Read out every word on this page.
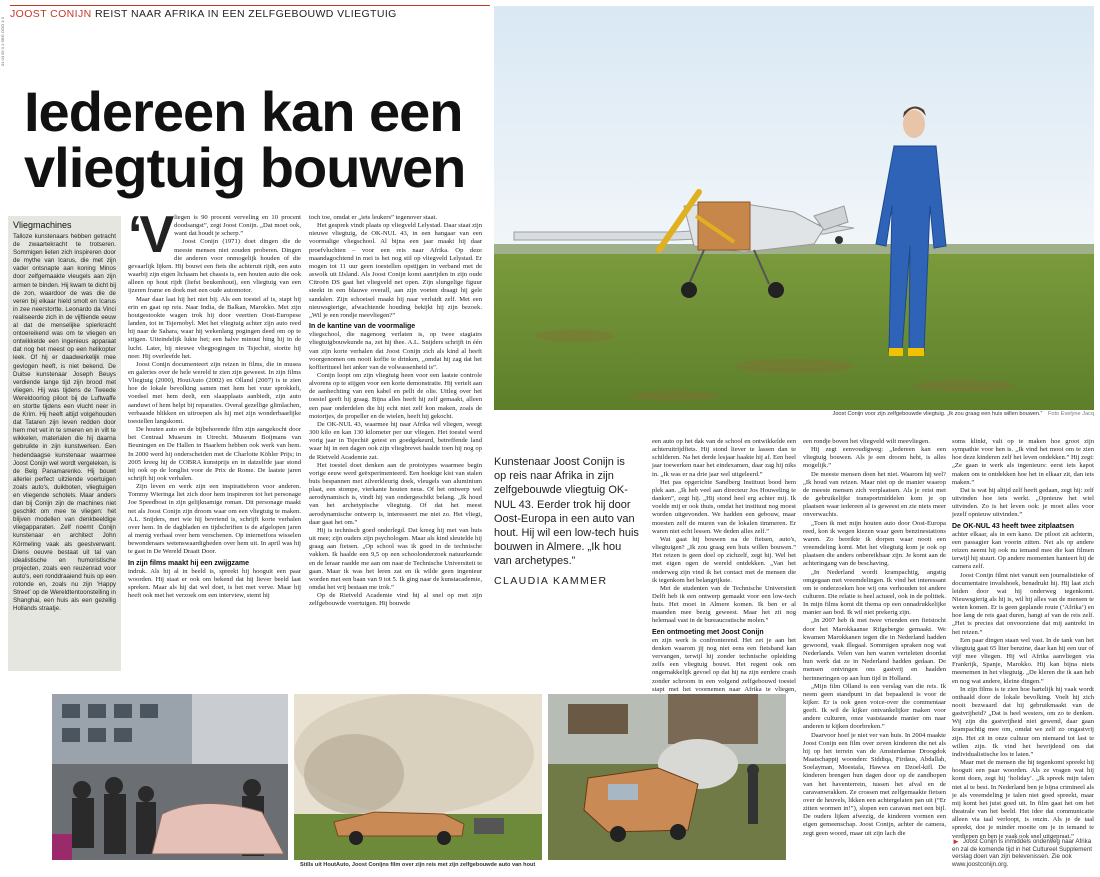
01 04 05 0 1 SBG OOO 4 0
JOOST CONIJN REIST NAAR AFRIKA IN EEN ZELFGEBOUWD VLIEGTUIG
Iedereen kan een
vliegtuig bouwen
Vliegmachines
Talloze kunstenaars hebben getracht de zwaartekracht te trotseren. Sommigen lieten zich inspireren door de mythe van Icarus, die met zijn vader ontsnapte aan koning Minos door zelfgemaakte vleugels aan zijn armen te binden. Hij kwam te dicht bij de zon, waardoor de was die de veren bij elkaar hield smolt en Icarus in zee neerstortte. Leonardo da Vinci realiseerde zich in de vijftiende eeuw al dat de menselijke spierkracht ontoereikend was om te vliegen en ontwikkelde een ingenieus apparaat dat nog het meest op een helikopter leek. Of hij er daadwerkelijk mee gevlogen heeft, is niet bekend. De Duitse kunstenaar Joseph Beuys verdiende lange tijd zijn brood met vliegen. Hij was tijdens de Tweede Wereldoorlog piloot bij de Luftwaffe en stortte tijdens een vlucht neer in de Krim. Hij heeft altijd volgehouden dat Tataren zijn leven redden door hem met vet in te smeren en in vilt te wikkelen, materialen die hij daarna gebruikte in zijn kunstwerken. Een hedendaagse kunstenaar waarmee Joost Conijn wel wordt vergeleken, is de Belg Panamarenko. Hij bouwt allerlei perfect uitziende voertuigen zoals auto's, duikboten, vliegtuigen en vliegende schotels. Maar anders dan bij Conijn zijn de machines niet geschikt om mee te vliegen: het blijven modellen van denkbeeldige vliegapparaten. Zelf noemt Conijn kunstenaar en architect John Körmeling vaak als geestverwant. Diens oeuvre bestaat uit tal van idealistische en humoristische projecten, zoals een reuzenrad voor auto's, een ronddraaiend huis op een rotonde en, zoals nu zijn 'Happy Street' op de Wereldtentoonstelling in Shanghai, een huis als een gezellig Hollands straatje.
‘V liegen is 90 procent verveling en 10 procent doodsangst”, zegt Joost Conijn. „Dat moet ook, want dat houdt je scherp.”

Joost Conijn (1971) doet dingen die de meeste mensen niet zouden proberen. Dingen die anderen voor onmogelijk houden of die gevaarlijk lijken. Hij bouwt een fiets die achteruit rijdt, een auto waarbij zijn eigen lichaam het chassis is, een houten auto die ook alleen op hout rijdt (liefst beukenhout), een vliegtuig van een ijzeren frame en doek met een oude automotor.

Maar daar laat hij het niet bij. Als een toestel af is, stapt hij erin en gaat op reis. Naar India, de Balkan, Marokko. Met zijn houtgestookte wagen trok hij door veertien Oost-Europese landen, tot in Tsjernobyl. Met het vliegtuig achter zijn auto reed hij naar de Sahara, waar hij wekenlang pogingen deed om op te stijgen. Uiteindelijk lukte het; een halve minuut hing hij in de lucht. Later, bij nieuwe vliegpogingen in Tsjechië, stortte hij neer. Hij overleefde het.

Joost Conijn documenteert zijn reizen in films, die in musea en galeries over de hele wereld te zien zijn geweest. In zijn films Vliegtuig (2000), HoutAuto (2002) en Olland (2007) is te zien hoe de lokale bevolking samen met hem het vuur sprokkelt, voedsel met hem deelt, een slaapplaats aanbiedt, zijn auto aanduwt of hem helpt bij reparaties. Overal gezellige glimlachen, verbaasde blikken en uitroepen als hij met zijn wonderbaarlijke toestellen langskomt.

De houten auto en de bijbehorende film zijn aangekocht door het Centraal Museum in Utrecht. Museum Boijmans van Beuningen en De Hallen in Haarlem hebben ook werk van hem. In 2000 werd hij onderscheiden met de Charlotte Köhler Prijs; in 2005 kreeg hij de COBRA kunstprijs en in datzelfde jaar stond hij ook op de longlist voor de Prix de Rome. De laatste jaren schrijft hij ook verhalen.

Zijn leven en werk zijn een inspiratiebron voor anderen. Tommy Wieringa liet zich door hem inspireren tot het personage Joe Speedboat in zijn gelijknamige roman. Dit personage maakt net als Joost Conijn zijn droom waar om een vliegtuig te maken. A.L. Snijders, met wie hij bevriend is, schrijft korte verhalen over hem. In de dagbladen en tijdschriften is de afgelopen jaren al menig verhaal over hem verschenen. Op internetfora wisselen bewonderaars wetenswaardigheden over hem uit. In april was hij te gast in De Wereld Draait Door.

In zijn films maakt hij een zwijgzame

indruk. Als hij al in beeld is, spreekt hij hooguit een paar woorden. Hij staat er ook om bekend dat hij liever beeld laat spreken. Maar als hij dat wel doet, is het met verve. Maar hij heeft ook met het verzoek om een interview, stemt hij

toch toe, omdat er „iets leukers” tegenover staat.

Het gesprek vindt plaats op vliegveld Lelystad. Daar staat zijn nieuwe vliegtuig, de OK-NUL 43, in een hangaar van een voormalige vliegschool. Al bijna een jaar maakt hij daar proefvluchten – voor een reis naar Afrika. Op deze maandagochtend in mei is het nog stil op vliegveld Lelystad. Er mogen tot 11 uur geen toestellen opstijgen in verband met de aswolk uit IJsland. Als Joost Conijn komt aanrijden in zijn oude Citroën DS gaat het vliegveld net open. Zijn slungelige figuur steekt in een blauwe overall, aan zijn voeten draagt hij gele sandalen. Zijn schoeisel maakt hij naar verluidt zelf. Met een nieuwsgierige, afwachtende houding bekijkt hij zijn bezoek. „Wil je een rondje meevliegen?”

In de kantine van de voormalige

vliegschool, die nagenoeg verlaten is, op twee stagiairs vliegtuigbouwkunde na, zet hij thee. A.L. Snijders schrijft in één van zijn korte verhalen dat Joost Conijn zich als kind al heeft voorgenomen om nooit koffie te drinken, „omdat hij zag dat het koffieritueel het anker van de volwassenheid is”.

Conijn loopt om zijn vliegtuig heen voor een laatste controle alvorens op te stijgen voor een korte demonstratie. Hij vertelt aan de aanhechting van een kabel en pellt de olie. Uitleg over het toestel geeft hij graag. Bijna alles heeft hij zelf gemaakt, alleen een paar onderdelen die hij echt niet zelf kon maken, zoals de motortjes, de propeller en de wielen, heeft hij gekocht.

De OK-NUL 43, waarmee hij naar Afrika wil vliegen, weegt 300 kilo en kan 130 kilometer per uur vliegen. Het toestel werd vorig jaar in Tsjechië getest en goedgekeurd, betreffende land waar hij in een dagen ook zijn vliegbrevet haalde toen hij nog op de Rietveld Academie zat.

Het toestel doet denken aan de prototypes waarmee begin vorige eeuw werd geëxperimenteerd. Een hoekige kist van stalen buis bespannen met zilverkleurig doek, vleugels van aluminium plaat, een stompe, vierkante houten neus. Of het ontwerp wel aerodynamisch is, vindt hij van ondergeschikt belang. „Ik houd van het archetypische vliegtuig. Of dat het meest aerodynamische ontwerp is, interesseert me niet zo. Het vliegt, daar gaat het om.”

Hij is technisch goed onderlegd. Dat kreeg hij met van huis uit mee; zijn ouders zijn psychologen. Maar als kind sleutelde hij graag aan fietsen. „Op school was ik goed in de technische vakken. Ik haalde een 9,5 op een schoolonderzoek natuurkunde en de leraar raadde me aan om naar de Technische Universiteit te gaan. Maar ik was het leren zat en ik wilde geen ingenieur worden met een baan van 9 tot 5. Ik ging naar de kunstacademie, omdat het vrij bestaan me trok.”

Op de Rietveld Academie vind hij al snel op met zijn zelfgebouwde voertuigen. Hij bouwde

Joost Conijn voor zijn zelfgebouwde vliegtuig. „Ik zou graag een huis willen bouwen.” Foto Evelyne Jacq
Kunstenaar Joost Conijn is op reis naar Afrika in zijn zelfgebouwde vliegtuig OK-NUL 43. Eerder trok hij door Oost-Europa in een auto van hout. Hij wil een low-tech huis bouwen in Almere. „Ik hou van archetypes.”
CLAUDIA KAMMER

een auto op het dak van de school en ontwikkelde een achteruitrijdfiets. Hij stond liever te lassen dan te schilderen. Na het derde lesjaar haakte hij af. Een heel jaar toewerken naar het eindexamen, daar zag hij niks in. „Ik was er na drie jaar wel uitgeleerd.”

Het pas opgerichte Sandberg Instituut bood hem plek aan. „Ik heb veel aan directeur Jos Houweling te danken”, zegt hij. „Hij stond heel erg achter mij. Ik voelde mij er ook thuis, omdat het instituut nog moest worden uitgevonden. We hadden een gebouw, maar moesten zelf de muren van de lokalen timmeren. Er waren niet echt lessen. We deden alles zelf.”

Wat gaat hij bouwen na de fietsen, auto's, vliegtuigen? „Ik zou graag een huis willen bouwen.” Het reizen is geen doel op zichzelf, zegt hij. Wel het met eigen ogen de wereld ontdekken. „Van het onderweg zijn vind ik het contact met de mensen die ik tegenkom het belangrijkste.

Met de studenten van de Technische Universiteit Delft heb ik een ontwerp gemaakt voor een low-tech huis. Het moet in Almere komen. Ik ben er al maanden mee bezig geweest. Maar het zit nog helemaal vast in de bureaucratische molen.”

Een ontmoeting met Joost Conijn

en zijn werk is confronterend. Het zet je aan het denken waarom jij nog niet eens een fietsband kan vervangen, terwijl hij zonder technische opleiding zelfs een vliegtuig bouwt. Het regent ook om ongemakkelijk gevoel op dat hij na zijn eerdere crash zonder schroom in een volgend zelfgebouwd toestel stapt met het voornemen naar Afrika te vliegen,

een rondje boven het vliegveld wilt meevliegen.

Hij zegt eenvoudigweg: „Iedereen kan een vliegtuig bouwen. Als je een droom hebt, is alles mogelijk.”

De meeste mensen doen het niet. Waarom hij wel? „Ik houd van reizen. Maar niet op de manier waarop de meeste mensen zich verplaatsen. Als je reist met de gebruikelijke transportmiddelen kom je op plaatsen waar iedereen al is geweest en zie niets meer onverwachts.

„Toen ik met mijn houten auto door Oost-Europa reed, kon ik wegen kiezen waar geen benzinestations waren. Zo bereikte ik dorpen waar nooit een vreemdeling komt. Met het vliegtuig kom je ook op plaatsen die anders onbereikbaar zijn. Je komt aan de achteringang van de beschaving.

„In Nederland wordt krampachtig, angstig omgegaan met vreemdelingen. Ik vind het interessant om te onderzoeken hoe wij ons verhouden tot andere culturen. Die relatie is heel actueel, ook in de politiek. In mijn films komt dit thema op een onnadrukkelijke manier aan bod. Ik wil niet prekerig zijn.

„In 2007 heb ik met twee vrienden een fietstocht door het Marokkaanse Rifgebergte gemaakt. We kwamen Marokkanen tegen die in Nederland hadden gewoond, vaak illegaal. Sommigen spraken nog wat Nederlands. Velen van hen waren verteleten doordat hun werk dat ze in Nederland hadden gedaan. De mensen ontvingen ons gastvrij en haalden herinneringen op aan hun tijd in Holland.

„Mijn film Olland is een verslag van die reis. Ik neem geen standpunt in dat bepaalend is voor de kijker. Er is ook geen voice-over die commentaar geeft. Ik wil de kijker ontvankelijker maken voor andere culturen, onze vaststaande manier om naar anderen te kijken doorbreken.”

Daarvoor hoef je niet ver van huis. In 2004 maakte Joost Conijn een film over zeven kinderen die net als hij op het terrein van de Amsterdamse Droogdok Maatschappij woonden: Siddiqa, Firdaus, Abdallah, Soelayman, Moestafa, Hawwa en Dzoel-kifl. De kinderen brengen hun dagen door op de zandhopen van het haventerrein, tussen het afval en de caravanwrakken. Ze crossen met zelfgemaakte fietsen over de heuvels, likken een achtergelaten pan uit (“Er zitten wormen in!”), slopen een caravan met een bijl. De ouders lijken afwezig, de kinderen vormen een eigen gemeenschap. Joost Conijn, achter de camera, zegt geen woord, maar uit zijn lach die

soms klinkt, valt op te maken hoe groot zijn sympathie voor hen is. „Ik vind het mooi om te zien hoe deze kinderen zelf het leven ondekken.” Hij zegt: „Ze gaan te werk als ingenieurs: eerst iets kapot maken om te ontdekken hoe het in elkaar zit, dan iets maken.”

Dat is wat hij altijd zelf heeft gedaan, zegt hij: zelf uitvinden hoe iets werkt. „Opnieuw het wiel uitvinden. Zo is het leven ook: je moet alles voor jezelf opnieuw uitvinden.”

De OK-NUL 43 heeft twee zitplaatsen

achter elkaar, als in een kano. De piloot zit achterin, een passagier kan voorin zitten. Net als op andere reizen neemt hij ook nu iemand mee die kan filmen terwijl hij stuurt. Op andere momenten hanteert hij de camera zelf.

Joost Conijn filmt niet vanuit een journalistieke of documentaire invalshoek, benadrukt hij. Hij laat zich leiden door wat hij onderweg tegenkomt. Nieuwsgierig als hij is, wil hij alles van de mensen te weten komen. Er is geen geplande route (‘Afrika’) en hoe lang de reis gaat duren, hangt af van de reis zelf. „Het is precies dat onvoorziene dat mij aantrekt in het reizen.”

Een paar dingen staan wel vast. In de tank van het vliegtuig gaat 65 liter benzine, daar kan hij een uur of vijf mee vliegen. Hij wil Afrika aanvliegen via Frankrijk, Spanje, Marokko. Hij kan bijna niets meenemen in het vliegtuig. „De kleren die ik aan heb en nog wat andere, kleine dingen.”

In zijn films is te zien hoe hartelijk hij vaak wordt onthaald door de lokale bevolking. Voelt hij zich nooit bezwaard dat hij gebruikmaakt van de gastvrijheid? „Dat is heel westers, om zo te denken. Wij zijn die gastvrijheid niet gewend, daar gaan krampachtig mee om, omdat we zelf zo ongastvrij zijn. Het zit in onze cultuur om niemand tot last te willen zijn. Ik vind het bevrijdend om dat individualistische los te laten.”

Maar met de mensen die hij tegenkomt spreekt hij hooguit een paar woorden. Als ze vragen wat hij komt doen, zegt hij ‘holiday’. „Ik spreek mijn talen niet al te best. In Nederland ben je bijna crimineel als je als vreemdeling je talen niet goed spreekt, maar mij komt het juist goed uit. In film gaat het om het theatrale van het beeld. Het idee dat communicatie alleen via taal verloopt, is onzin. Als je de taal spreekt, doe je minder moeite om je in iemand te verdiepen en ben je vaak ook snel uitgepraat.”

► Joost Conijn is inmiddels onderweg naar Afrika en zal de komende tijd in het Cultureel Supplement verslag doen van zijn belevenissen. Zie ook www.joostconijn.org.
Stills uit HoutAuto, Joost Conijns film over zijn reis met zijn zelfgebouwde auto van hout
